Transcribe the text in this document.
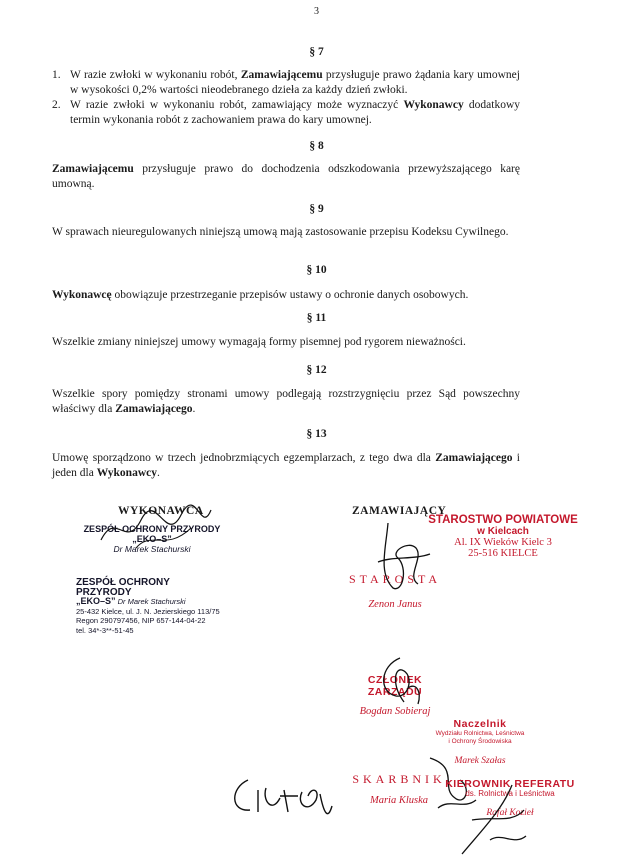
3
§ 7
1. W razie zwłoki w wykonaniu robót, Zamawiającemu przysługuje prawo żądania kary umownej w wysokości 0,2% wartości nieodebranego dzieła za każdy dzień zwłoki.
2. W razie zwłoki w wykonaniu robót, zamawiający może wyznaczyć Wykonawcy dodatkowy termin wykonania robót z zachowaniem prawa do kary umownej.
§ 8
Zamawiającemu przysługuje prawo do dochodzenia odszkodowania przewyższającego karę umowną.
§ 9
W sprawach nieuregulowanych niniejszą umową mają zastosowanie przepisu Kodeksu Cywilnego.
§ 10
Wykonawcę obowiązuje przestrzeganie przepisów ustawy o ochronie danych osobowych.
§ 11
Wszelkie zmiany niniejszej umowy wymagają formy pisemnej pod rygorem nieważności.
§ 12
Wszelkie spory pomiędzy stronami umowy podlegają rozstrzygnięciu przez Sąd powszechny właściwy dla Zamawiającego.
§ 13
Umowę sporządzono w trzech jednobrzmiących egzemplarzach, z tego dwa dla Zamawiającego i jeden dla Wykonawcy.
WYKONAWCA
ZESPÓŁ OCHRONY PRZYRODY
„EKO–S”
Dr Marek Stachurski
ZESPÓŁ OCHRONY PRZYRODY
„EKO–S” Dr Marek Stachurski
25-432 Kielce, ul. J. N. Jezierskiego 113/75
Regon 290797456, NIP 657-144-04-22
tel. 34*-3**-51-45
ZAMAWIAJĄCY
STAROSTWO POWIATOWE
w Kielcach
Al. IX Wieków Kielc 3
25-516 KIELCE
STAROSTA
Zenon Janus
CZŁONEK ZARZĄDU
Bogdan Sobieraj
Naczelnik
Wydziału Rolnictwa, Leśnictwa
i Ochrony Środowiska
Marek Szałas
SKARBNIK
Maria Kluska
KIEROWNIK REFERATU
ds. Rolnictwa i Leśnictwa
Rafał Kozieł
